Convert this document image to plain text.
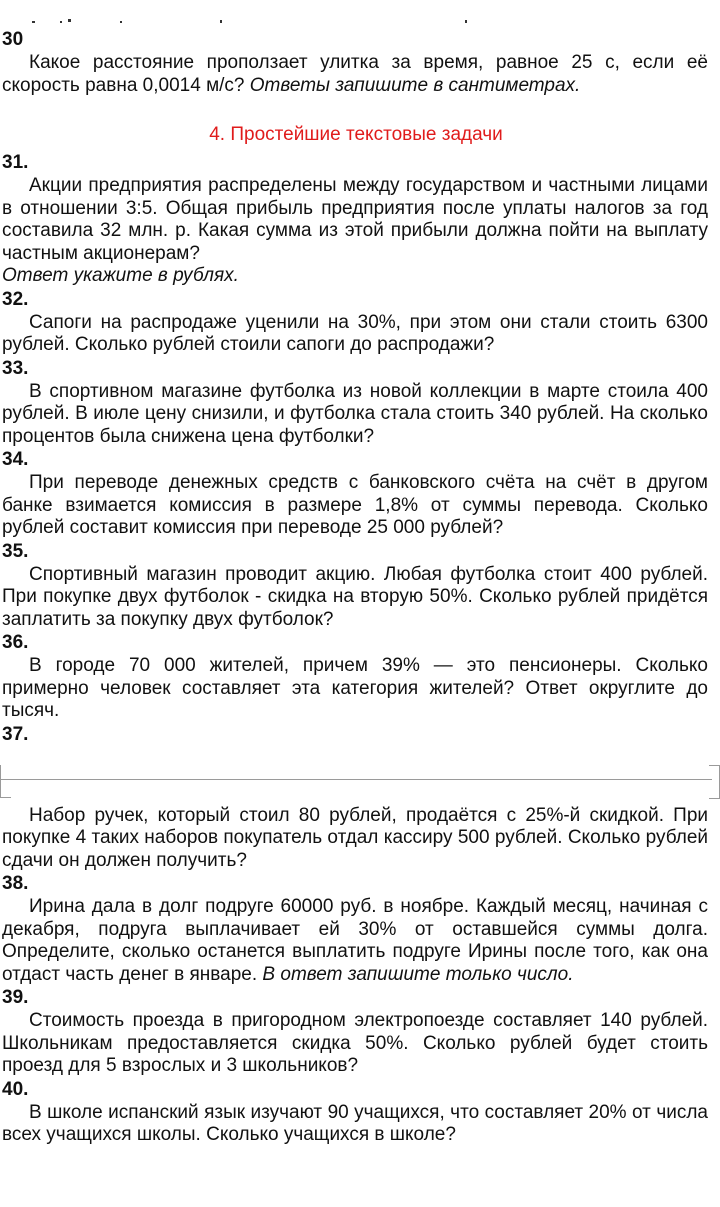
30
Какое расстояние проползает улитка за время, равное 25 с, если её скорость равна 0,0014 м/с? Ответы запишите в сантиметрах.
4. Простейшие текстовые задачи
31.
Акции предприятия распределены между государством и частными лицами в отношении 3:5. Общая прибыль предприятия после уплаты налогов за год составила 32 млн. р. Какая сумма из этой прибыли должна пойти на выплату частным акционерам?
Ответ укажите в рублях.
32.
Сапоги на распродаже уценили на 30%, при этом они стали стоить 6300 рублей. Сколько рублей стоили сапоги до распродажи?
33.
В спортивном магазине футболка из новой коллекции в марте стоила 400 рублей. В июле цену снизили, и футболка стала стоить 340 рублей. На сколько процентов была снижена цена футболки?
34.
При переводе денежных средств с банковского счёта на счёт в другом банке взимается комиссия в размере 1,8% от суммы перевода. Сколько рублей составит комиссия при переводе 25 000 рублей?
35.
Спортивный магазин проводит акцию. Любая футболка стоит 400 рублей. При покупке двух футболок - скидка на вторую 50%. Сколько рублей придётся заплатить за покупку двух футболок?
36.
В городе 70 000 жителей, причем 39% — это пенсионеры. Сколько примерно человек составляет эта категория жителей? Ответ округлите до тысяч.
37.
Набор ручек, который стоил 80 рублей, продаётся с 25%-й скидкой. При покупке 4 таких наборов покупатель отдал кассиру 500 рублей. Сколько рублей сдачи он должен получить?
38.
Ирина дала в долг подруге 60000 руб. в ноябре. Каждый месяц, начиная с декабря, подруга выплачивает ей 30% от оставшейся суммы долга. Определите, сколько останется выплатить подруге Ирины после того, как она отдаст часть денег в январе. В ответ запишите только число.
39.
Стоимость проезда в пригородном электропоезде составляет 140 рублей. Школьникам предоставляется скидка 50%. Сколько рублей будет стоить проезд для 5 взрослых и 3 школьников?
40.
В школе испанский язык изучают 90 учащихся, что составляет 20% от числа всех учащихся школы. Сколько учащихся в школе?
